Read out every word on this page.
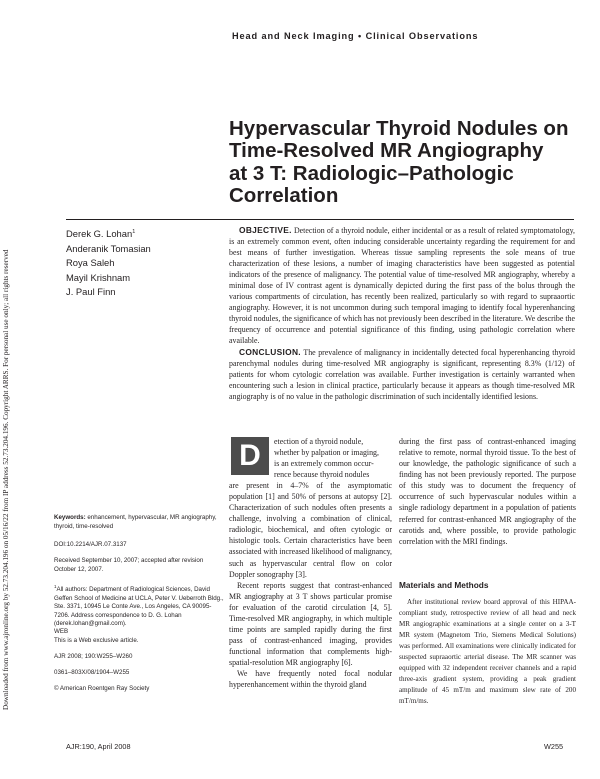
Head and Neck Imaging • Clinical Observations
Downloaded from www.ajronline.org by 52.73.204.196 on 05/16/22 from IP address 52.73.204.196. Copyright ARRS. For personal use only; all rights reserved
Hypervascular Thyroid Nodules on
Time-Resolved MR Angiography
at 3 T: Radiologic–Pathologic
Correlation
Derek G. Lohan$^1$
Anderanik Tomasian
Roya Saleh
Mayil Krishnam
J. Paul Finn

OBJECTIVE. Detection of a thyroid nodule, either incidental or as a result of related symptomatology, is an extremely common event, often inducing considerable uncertainty regarding the requirement for and best means of further investigation. Whereas tissue sampling represents the sole means of true characterization of these lesions, a number of imaging characteristics have been suggested as potential indicators of the presence of malignancy. The potential value of time-resolved MR angiography, whereby a minimal dose of IV contrast agent is dynamically depicted during the first pass of the bolus through the various compartments of circulation, has recently been realized, particularly so with regard to supraaortic angiography. However, it is not uncommon during such temporal imaging to identify focal hyperenhancing thyroid nodules, the significance of which has not previously been described in the literature. We describe the frequency of occurrence and potential significance of this finding, using pathologic correlation where available.

CONCLUSION. The prevalence of malignancy in incidentally detected focal hyperenhancing thyroid parenchymal nodules during time-resolved MR angiography is significant, representing 8.3% (1/12) of patients for whom cytologic correlation was available. Further investigation is certainly warranted when encountering such a lesion in clinical practice, particularly because it appears as though time-resolved MR angiography is of no value in the pathologic discrimination of such incidentally identified lesions.

Keywords: enhancement, hypervascular, MR angiography, thyroid, time-resolved
DOI:10.2214/AJR.07.3137
Received September 10, 2007; accepted after revision October 12, 2007.
$^1$All authors: Department of Radiological Sciences, David Geffen School of Medicine at UCLA, Peter V. Ueberroth Bldg., Ste. 3371, 10945 Le Conte Ave., Los Angeles, CA 90095-7206. Address correspondence to D. G. Lohan (derek.lohan@gmail.com).
WEB
This is a Web exclusive article.
AJR 2008; 190:W255–W260
0361–803X/08/1904–W255
© American Roentgen Ray Society
D	etection of a thyroid nodule,
whether by palpation or imaging,
is an extremely common occur-
rence because thyroid nodules

are present in 4–7% of the asymptomatic population [1] and 50% of persons at autopsy [2]. Characterization of such nodules often presents a challenge, involving a combination of clinical, radiologic, biochemical, and often cytologic or histologic tools. Certain characteristics have been associated with increased likelihood of malignancy, such as hypervascular central flow on color Doppler sonography [3].

Recent reports suggest that contrast-enhanced MR angiography at 3 T shows particular promise for evaluation of the carotid circulation [4, 5]. Time-resolved MR angiography, in which multiple time points are sampled rapidly during the first pass of contrast-enhanced imaging, provides functional information that complements high-spatial-resolution MR angiography [6].

We have frequently noted focal nodular hyperenhancement within the thyroid gland

during the first pass of contrast-enhanced imaging relative to remote, normal thyroid tissue. To the best of our knowledge, the pathologic significance of such a finding has not been previously reported. The purpose of this study was to document the frequency of occurrence of such hypervascular nodules within a single radiology department in a population of patients referred for contrast-enhanced MR angiography of the carotids and, where possible, to provide pathologic correlation with the MRI findings.

Materials and Methods

After institutional review board approval of this HIPAA-compliant study, retrospective review of all head and neck MR angiographic examinations at a single center on a 3-T MR system (Magnetom Trio, Siemens Medical Solutions) was performed. All examinations were clinically indicated for suspected supraaortic arterial disease. The MR scanner was equipped with 32 independent receiver channels and a rapid three-axis gradient system, providing a peak gradient amplitude of 45 mT/m and maximum slew rate of 200 mT/m/ms.

AJR:190, April 2008	W255
